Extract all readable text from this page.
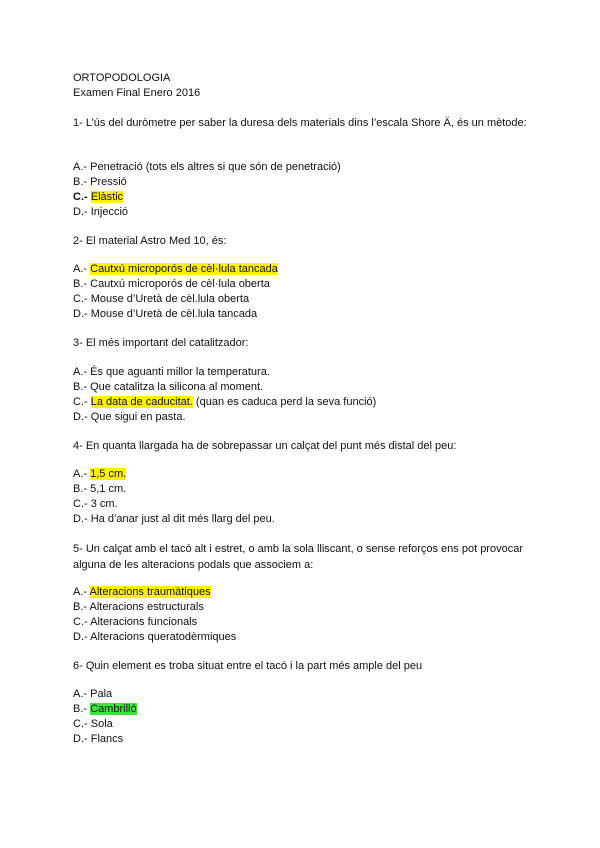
ORTOPODOLOGIA
Examen Final Enero 2016
1- L’ús del duròmetre per saber la duresa dels materials dins l’escala Shore Ä, és un mètode:
A.- Penetració (tots els altres si que són de penetració)
B.- Pressió
C.- Elàstic
D.- Injecció
2- El material Astro Med 10, és:
A.- Cautxú microporós de cèl·lula tancada
B.- Cautxú microporós de cèl·lula oberta
C.- Mouse d’Uretà de cèl.lula oberta
D.- Mouse d’Uretà de cèl.lula tancada
3- El més important del catalitzador:
A.- És que aguanti millor la temperatura.
B.- Que catalitza la silicona al moment.
C.- La data de caducitat. (quan es caduca perd la seva funció)
D.- Que sigui en pasta.
4- En quanta llargada ha de sobrepassar un calçat del punt més distal del peu:
A.- 1,5 cm.
B.- 5,1 cm.
C.- 3 cm.
D.- Ha d’anar just al dit més llarg del peu.
5- Un calçat amb el tacó alt i estret, o amb la sola lliscant, o sense reforços ens pot provocar alguna de les alteracions podals que associem a:
A.- Alteracions traumàtiques
B.- Alteracions estructurals
C.- Alteracions funcionals
D.- Alteracions queratodèrmiques
6- Quin element es troba situat entre el tacó i la part més ample del peu
A.- Pala
B.- Cambrilló
C.- Sola
D.- Flancs
